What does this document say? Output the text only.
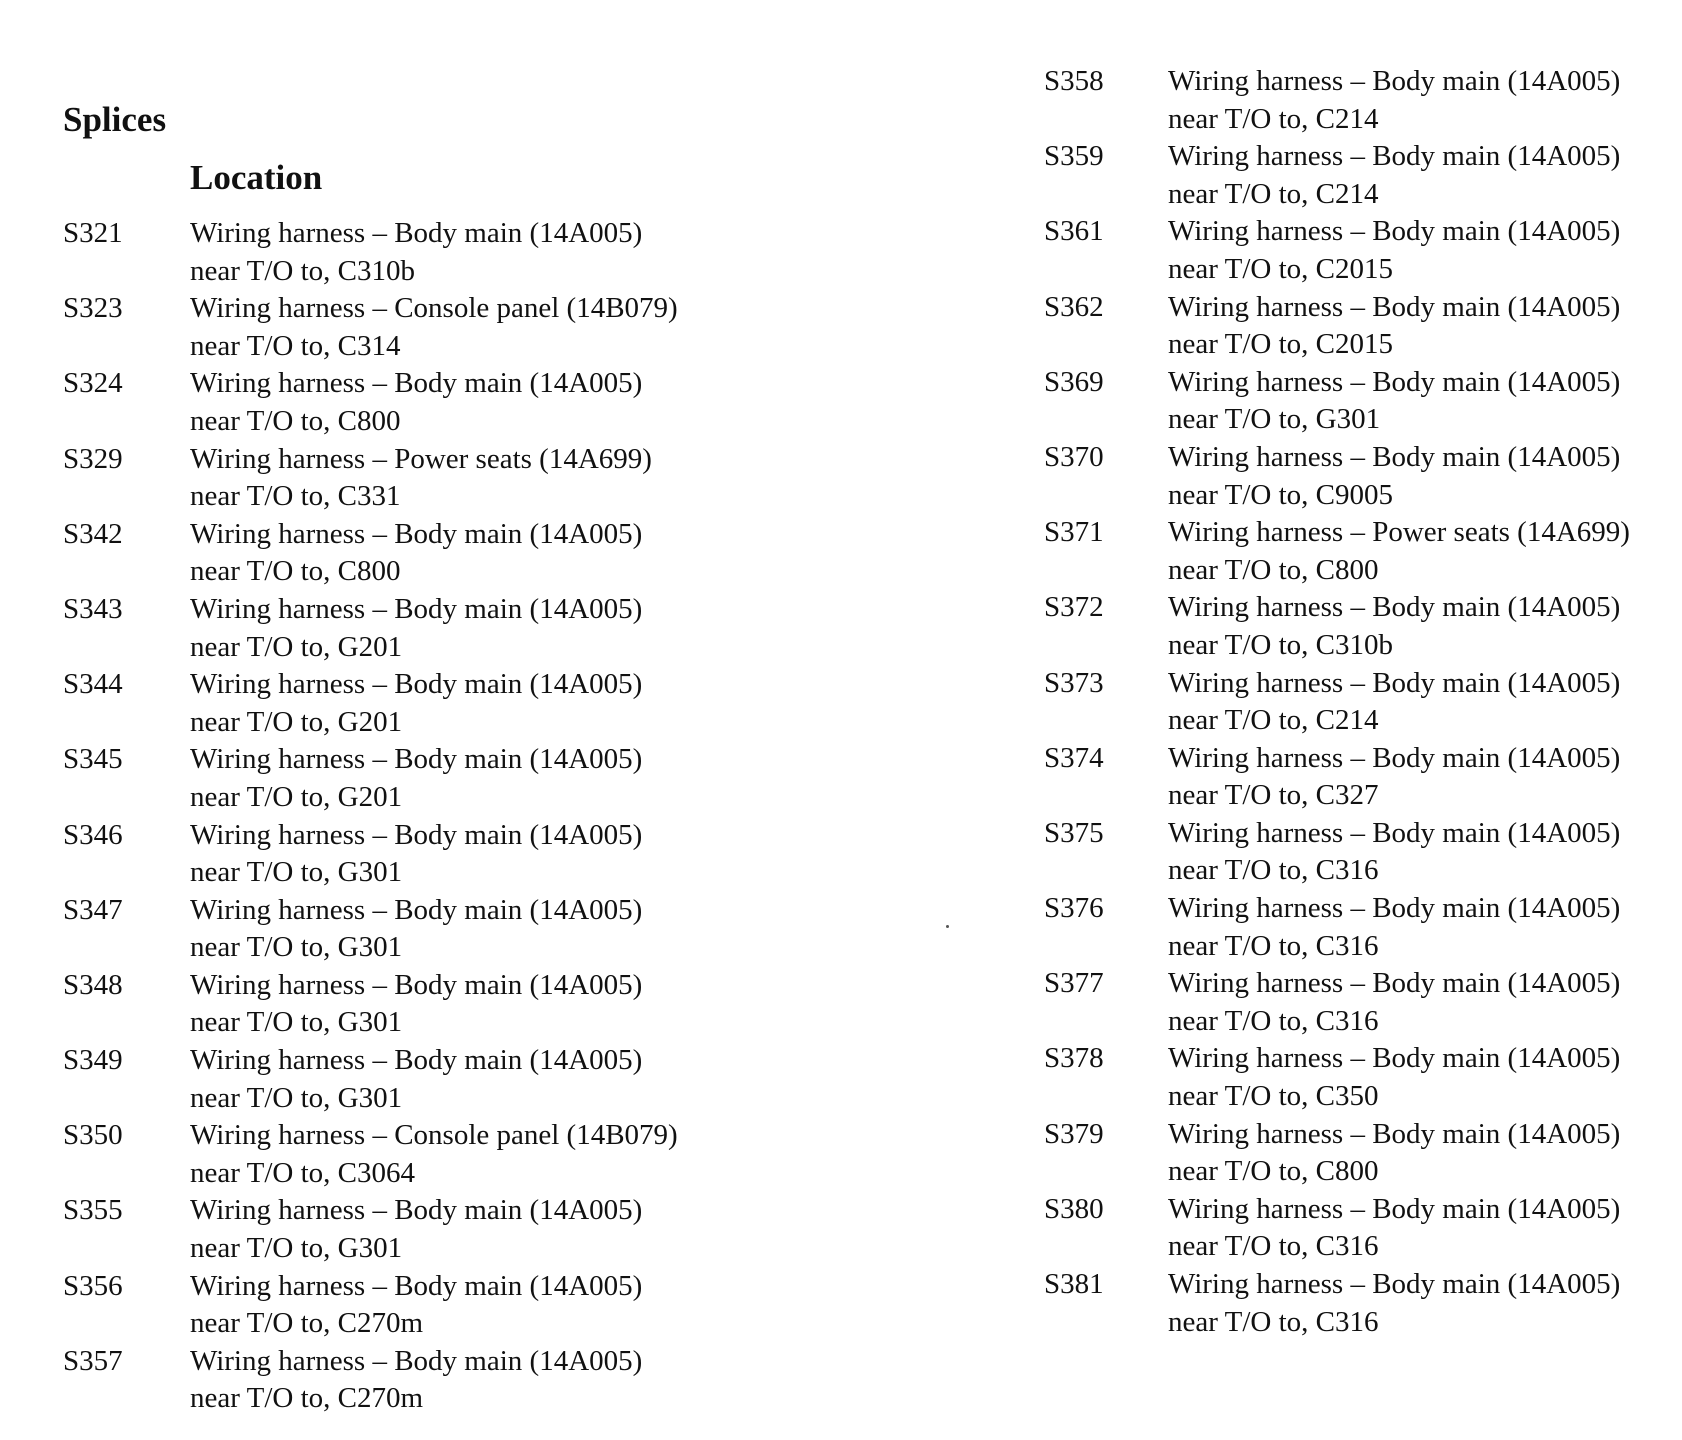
Splices
Location
S321 Wiring harness – Body main (14A005)
near T/O to, C310b
S323 Wiring harness – Console panel (14B079)
near T/O to, C314
S324 Wiring harness – Body main (14A005)
near T/O to, C800
S329 Wiring harness – Power seats (14A699)
near T/O to, C331
S342 Wiring harness – Body main (14A005)
near T/O to, C800
S343 Wiring harness – Body main (14A005)
near T/O to, G201
S344 Wiring harness – Body main (14A005)
near T/O to, G201
S345 Wiring harness – Body main (14A005)
near T/O to, G201
S346 Wiring harness – Body main (14A005)
near T/O to, G301
S347 Wiring harness – Body main (14A005)
near T/O to, G301
S348 Wiring harness – Body main (14A005)
near T/O to, G301
S349 Wiring harness – Body main (14A005)
near T/O to, G301
S350 Wiring harness – Console panel (14B079)
near T/O to, C3064
S355 Wiring harness – Body main (14A005)
near T/O to, G301
S356 Wiring harness – Body main (14A005)
near T/O to, C270m
S357 Wiring harness – Body main (14A005)
near T/O to, C270m
S358 Wiring harness – Body main (14A005)
near T/O to, C214
S359 Wiring harness – Body main (14A005)
near T/O to, C214
S361 Wiring harness – Body main (14A005)
near T/O to, C2015
S362 Wiring harness – Body main (14A005)
near T/O to, C2015
S369 Wiring harness – Body main (14A005)
near T/O to, G301
S370 Wiring harness – Body main (14A005)
near T/O to, C9005
S371 Wiring harness – Power seats (14A699)
near T/O to, C800
S372 Wiring harness – Body main (14A005)
near T/O to, C310b
S373 Wiring harness – Body main (14A005)
near T/O to, C214
S374 Wiring harness – Body main (14A005)
near T/O to, C327
S375 Wiring harness – Body main (14A005)
near T/O to, C316
S376 Wiring harness – Body main (14A005)
near T/O to, C316
S377 Wiring harness – Body main (14A005)
near T/O to, C316
S378 Wiring harness – Body main (14A005)
near T/O to, C350
S379 Wiring harness – Body main (14A005)
near T/O to, C800
S380 Wiring harness – Body main (14A005)
near T/O to, C316
S381 Wiring harness – Body main (14A005)
near T/O to, C316
